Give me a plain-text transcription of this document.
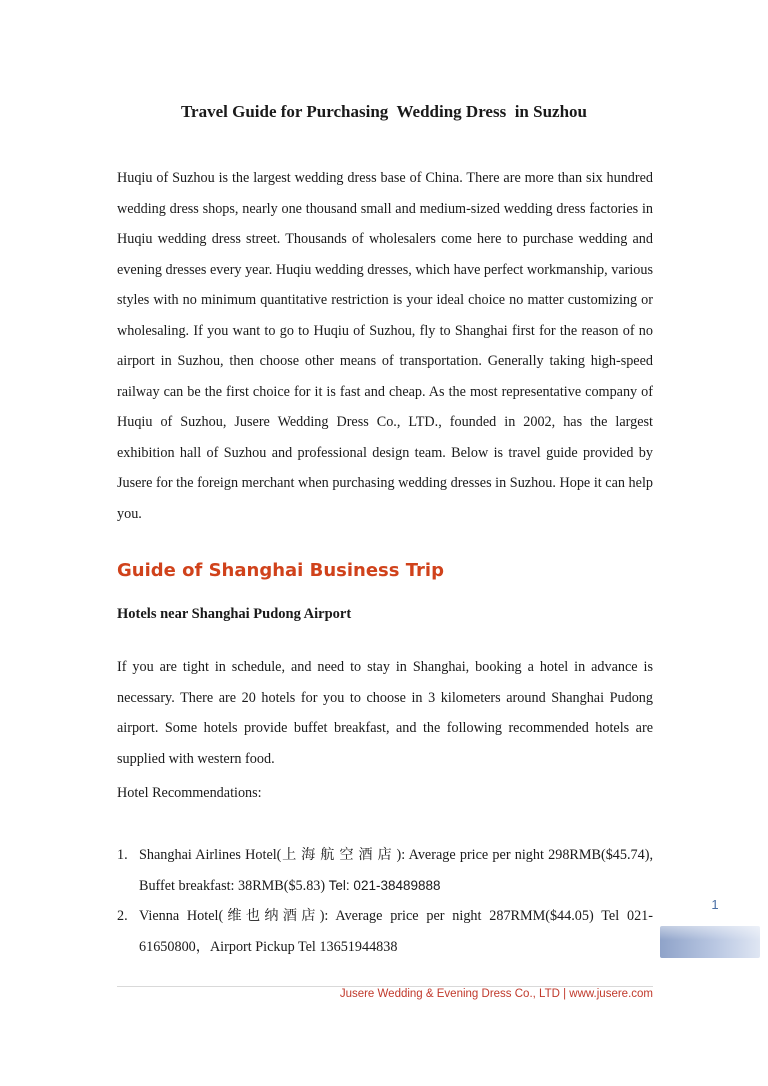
Travel Guide for Purchasing  Wedding Dress  in Suzhou
Huqiu of Suzhou is the largest wedding dress base of China. There are more than six hundred wedding dress shops, nearly one thousand small and medium-sized wedding dress factories in Huqiu wedding dress street. Thousands of wholesalers come here to purchase wedding and evening dresses every year. Huqiu wedding dresses, which have perfect workmanship, various styles with no minimum quantitative restriction is your ideal choice no matter customizing or wholesaling. If you want to go to Huqiu of Suzhou, fly to Shanghai first for the reason of no airport in Suzhou, then choose other means of transportation. Generally taking high-speed railway can be the first choice for it is fast and cheap. As the most representative company of Huqiu of Suzhou, Jusere Wedding Dress Co., LTD., founded in 2002, has the largest exhibition hall of Suzhou and professional design team. Below is travel guide provided by Jusere for the foreign merchant when purchasing wedding dresses in Suzhou. Hope it can help you.
Guide of Shanghai Business Trip
Hotels near Shanghai Pudong Airport
If you are tight in schedule, and need to stay in Shanghai, booking a hotel in advance is necessary. There are 20 hotels for you to choose in 3 kilometers around Shanghai Pudong airport. Some hotels provide buffet breakfast, and the following recommended hotels are supplied with western food.
Hotel Recommendations:
1. Shanghai Airlines Hotel(上 海 航 空 酒 店 ): Average price per night 298RMB($45.74), Buffet breakfast: 38RMB($5.83) Tel: 021-38489888
2. Vienna Hotel(维也纳酒店): Average price per night 287RMM($44.05) Tel 021-61650800，Airport Pickup Tel 13651944838
1
Jusere Wedding & Evening Dress Co., LTD | www.jusere.com
